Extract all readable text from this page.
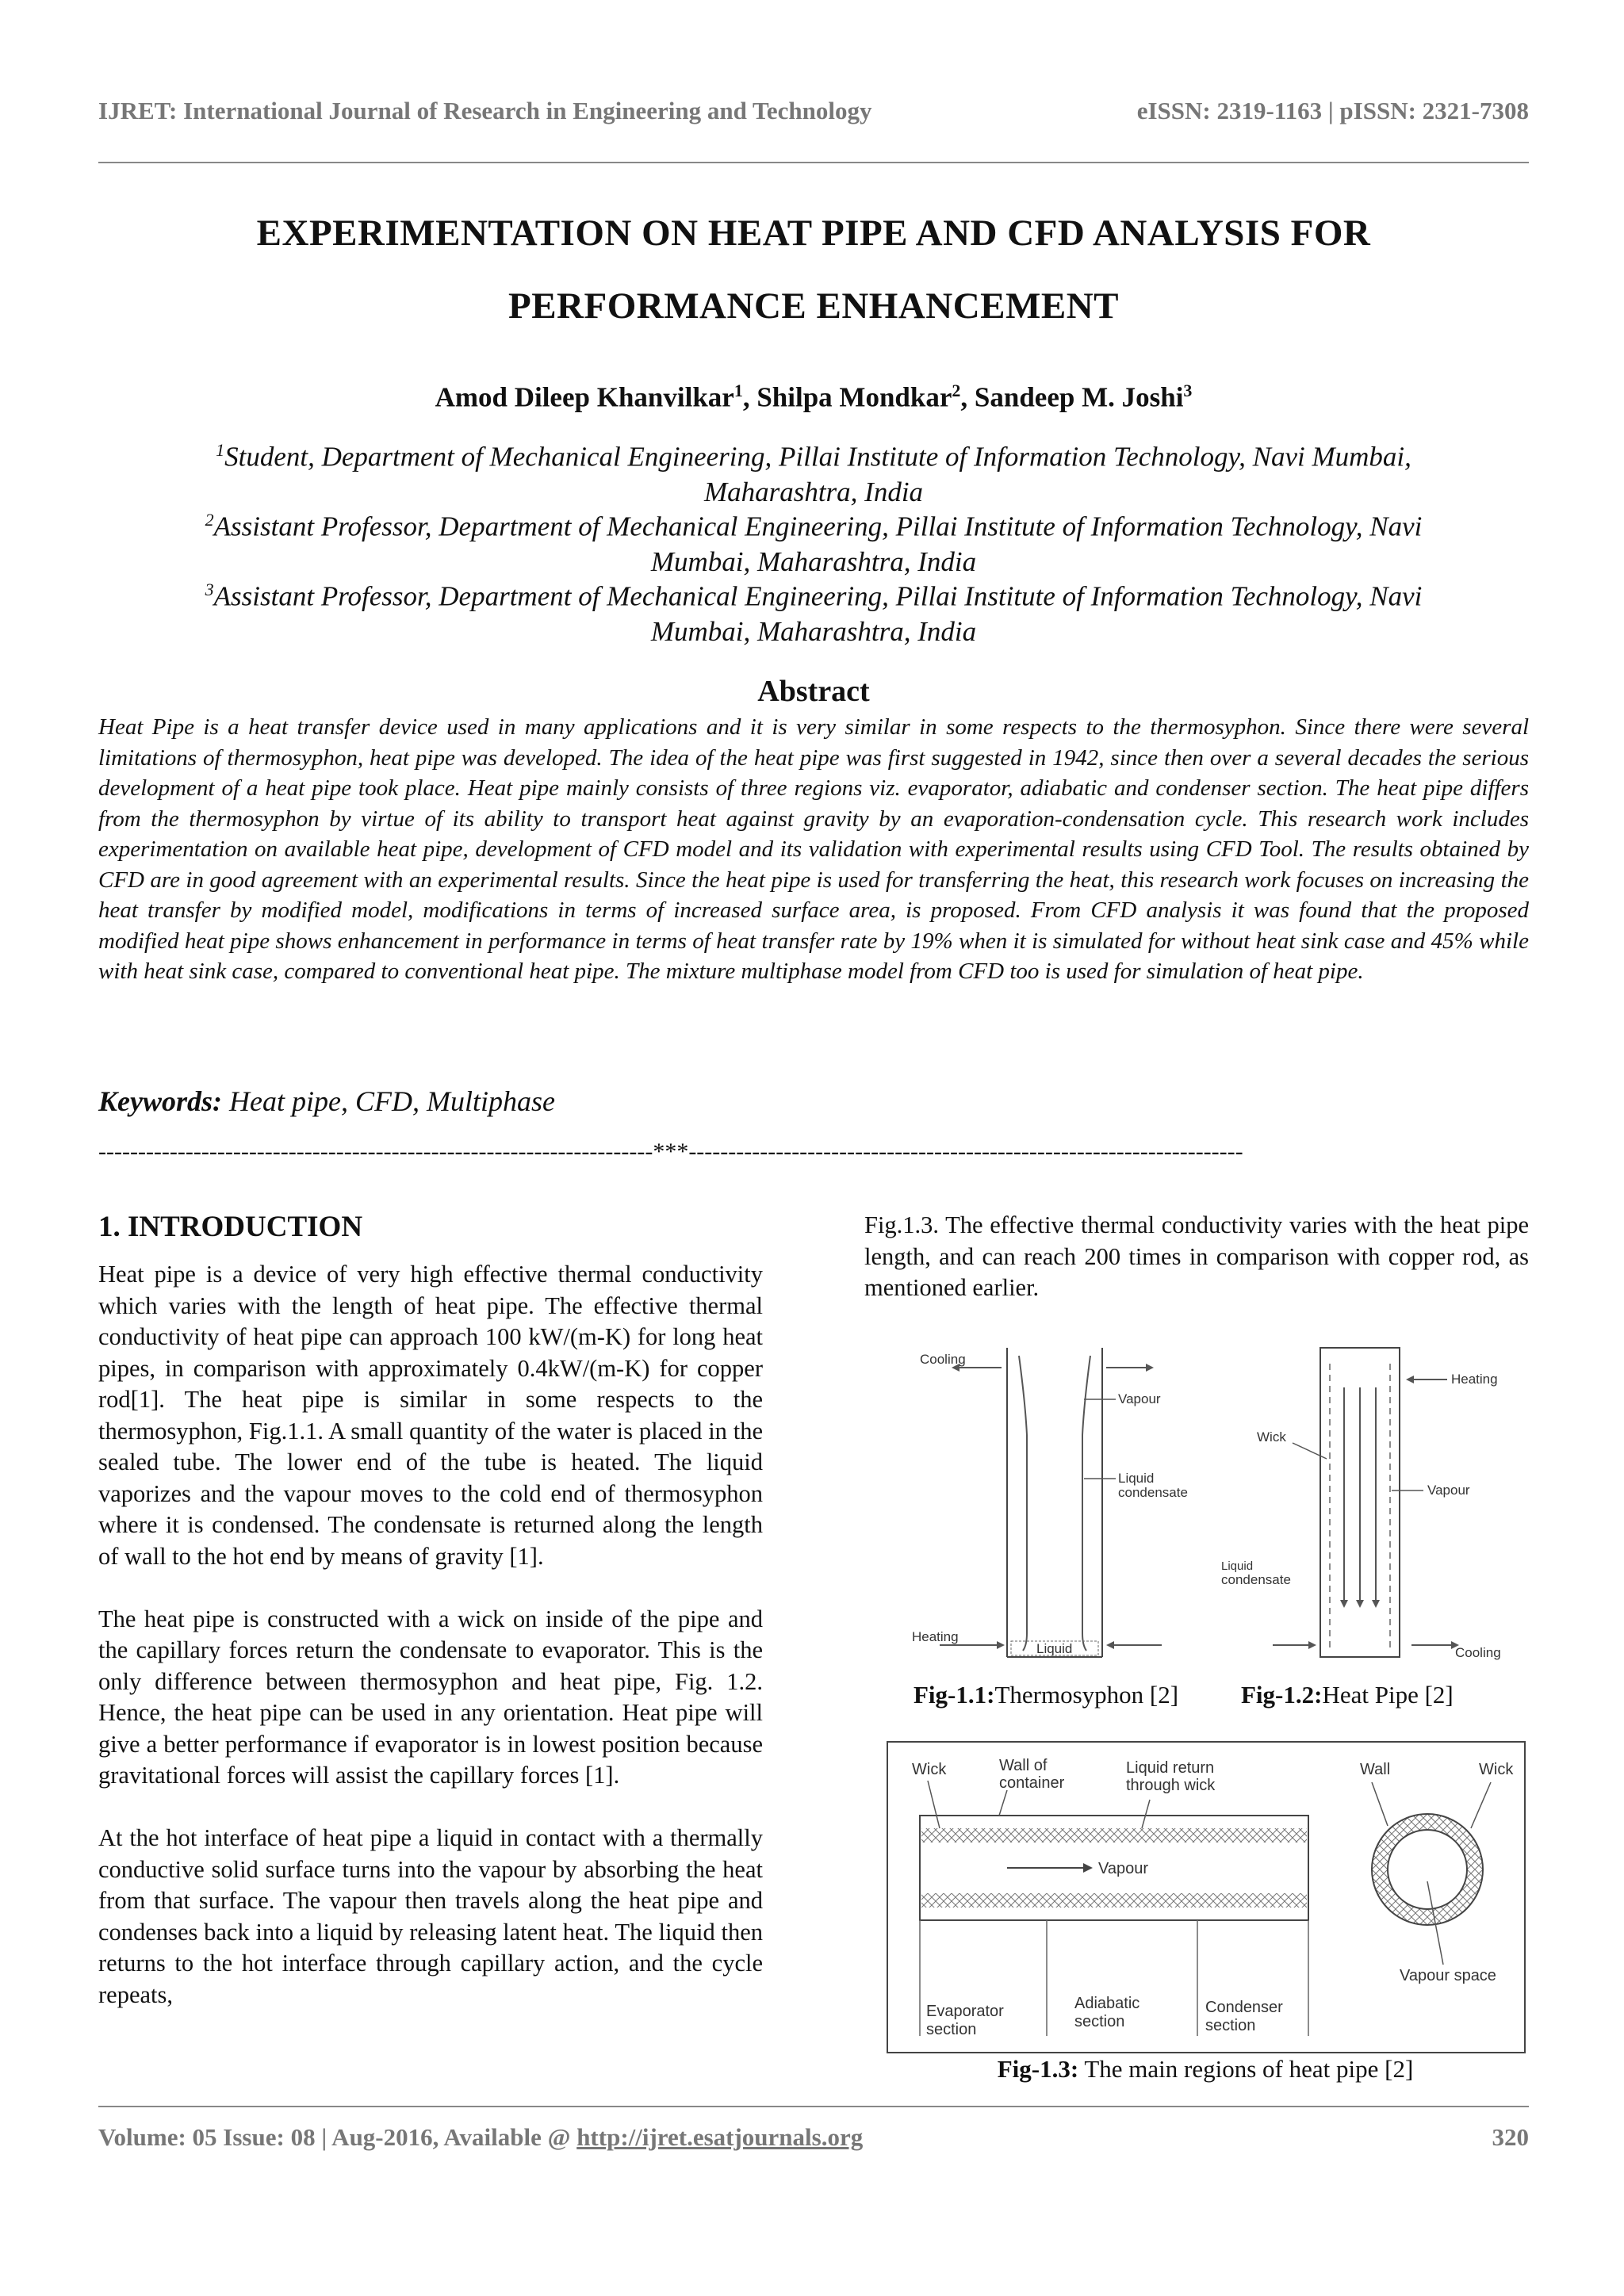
IJRET: International Journal of Research in Engineering and Technology	eISSN: 2319-1163 | pISSN: 2321-7308
EXPERIMENTATION ON HEAT PIPE AND CFD ANALYSIS FOR
PERFORMANCE ENHANCEMENT
Amod Dileep Khanvilkar$^1$, Shilpa Mondkar$^2$, Sandeep M. Joshi$^3$
$^1$Student, Department of Mechanical Engineering, Pillai Institute of Information Technology, Navi Mumbai,
Maharashtra, India
$^2$Assistant Professor, Department of Mechanical Engineering, Pillai Institute of Information Technology, Navi
Mumbai, Maharashtra, India
$^3$Assistant Professor, Department of Mechanical Engineering, Pillai Institute of Information Technology, Navi
Mumbai, Maharashtra, India
Abstract
Heat Pipe is a heat transfer device used in many applications and it is very similar in some respects to the thermosyphon. Since there were several limitations of thermosyphon, heat pipe was developed. The idea of the heat pipe was first suggested in 1942, since then over a several decades the serious development of a heat pipe took place. Heat pipe mainly consists of three regions viz. evaporator, adiabatic and condenser section. The heat pipe differs from the thermosyphon by virtue of its ability to transport heat against gravity by an evaporation-condensation cycle. This research work includes experimentation on available heat pipe, development of CFD model and its validation with experimental results using CFD Tool. The results obtained by CFD are in good agreement with an experimental results. Since the heat pipe is used for transferring the heat, this research work focuses on increasing the heat transfer by modified model, modifications in terms of increased surface area, is proposed. From CFD analysis it was found that the proposed modified heat pipe shows enhancement in performance in terms of heat transfer rate by 19% when it is simulated for without heat sink case and 45% while with heat sink case, compared to conventional heat pipe. The mixture multiphase model from CFD too is used for simulation of heat pipe.
Keywords: Heat pipe, CFD, Multiphase
----------------------------------------------------------------------***----------------------------------------------------------------------
1. INTRODUCTION

Heat pipe is a device of very high effective thermal conductivity which varies with the length of heat pipe. The effective thermal conductivity of heat pipe can approach 100 kW/(m-K) for long heat pipes, in comparison with approximately 0.4kW/(m-K) for copper rod[1]. The heat pipe is similar in some respects to the thermosyphon, Fig.1.1. A small quantity of the water is placed in the sealed tube. The lower end of the tube is heated. The liquid vaporizes and the vapour moves to the cold end of thermosyphon where it is condensed. The condensate is returned along the length of wall to the hot end by means of gravity [1].

The heat pipe is constructed with a wick on inside of the pipe and the capillary forces return the condensate to evaporator. This is the only difference between thermosyphon and heat pipe, Fig. 1.2. Hence, the heat pipe can be used in any orientation. Heat pipe will give a better performance if evaporator is in lowest position because gravitational forces will assist the capillary forces [1].

At the hot interface of heat pipe a liquid in contact with a thermally conductive solid surface turns into the vapour by absorbing the heat from that surface. The vapour then travels along the heat pipe and condenses back into a liquid by releasing latent heat. The liquid then returns to the hot interface through capillary action, and the cycle repeats,

Fig.1.3. The effective thermal conductivity varies with the heat pipe length, and can reach 200 times in comparison with copper rod, as mentioned earlier.
Cooling
Vapour
Liquid
condensate
Heating
Liquid
Heating
Wick
Vapour
Liquid
condensate
Cooling
Fig-1.1:Thermosyphon [2]	Fig-1.2:Heat Pipe [2]
Wick	Wall of
container
Liquid return
through wick
Wall	Wick
Vapour
Vapour space
Evaporator
section
Adiabatic
section
Condenser
section
Fig-1.3: The main regions of heat pipe [2]
Volume: 05 Issue: 08 | Aug-2016, Available @ http://ijret.esatjournals.org	320
